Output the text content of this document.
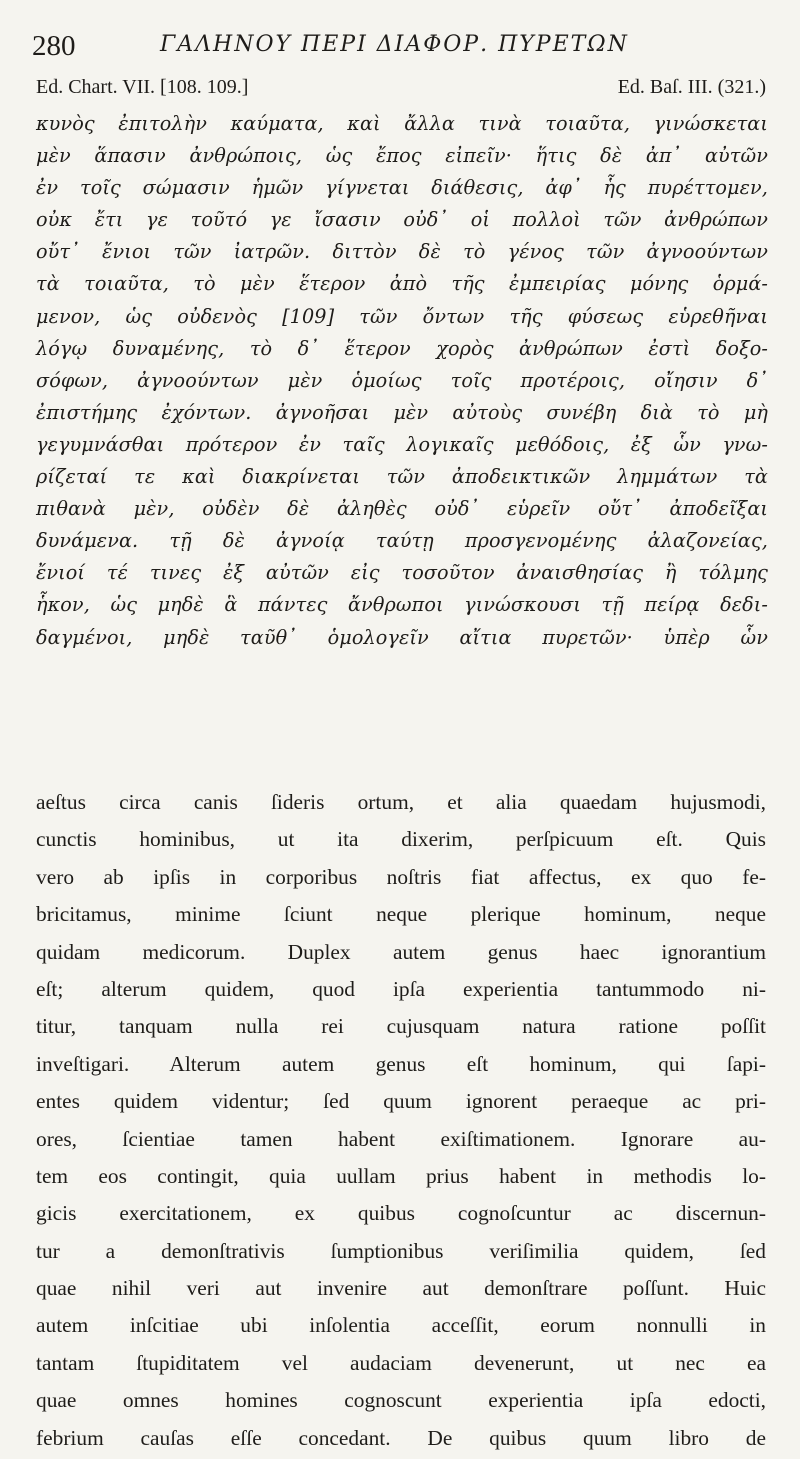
280	ΓΑΛΗΝΟΥ ΠΕΡΙ ΔΙΑΦΟΡ. ΠΥΡΕΤΩΝ
Ed. Chart. VII. [108. 109.]	Ed. Baſ. III. (321.)
κυνὸς ἐπιτολὴν καύματα, καὶ ἄλλα τινὰ τοιαῦτα, γινώσκεται
μὲν ἅπασιν ἀνθρώποις, ὡς ἔπος εἰπεῖν· ἥτις δὲ ἀπ᾿ αὐτῶν
ἐν τοῖς σώμασιν ἡμῶν γίγνεται διάθεσις, ἀφ᾿ ἧς πυρέττομεν,
οὐκ ἔτι γε τοῦτό γε ἴσασιν οὐδ᾿ οἱ πολλοὶ τῶν ἀνθρώπων
οὔτ᾿ ἔνιοι τῶν ἰατρῶν. διττὸν δὲ τὸ γένος τῶν ἀγνοούντων
τὰ τοιαῦτα, τὸ μὲν ἕτερον ἀπὸ τῆς ἐμπειρίας μόνης ὁρμά-
μενον, ὡς οὐδενὸς [109] τῶν ὄντων τῆς φύσεως εὑρεθῆναι
λόγῳ δυναμένης, τὸ δ᾿ ἕτερον χορὸς ἀνθρώπων ἐστὶ δοξο-
σόφων, ἀγνοούντων μὲν ὁμοίως τοῖς προτέροις, οἴησιν δ᾿
ἐπιστήμης ἐχόντων. ἀγνοῆσαι μὲν αὐτοὺς συνέβη διὰ τὸ μὴ
γεγυμνάσθαι πρότερον ἐν ταῖς λογικαῖς μεθόδοις, ἐξ ὧν γνω-
ρίζεταί τε καὶ διακρίνεται τῶν ἀποδεικτικῶν λημμάτων τὰ
πιθανὰ μὲν, οὐδὲν δὲ ἀληθὲς οὐδ᾿ εὑρεῖν οὔτ᾿ ἀποδεῖξαι
δυνάμενα. τῇ δὲ ἀγνοίᾳ ταύτῃ προσγενομένης ἀλαζονείας,
ἔνιοί τέ τινες ἐξ αὐτῶν εἰς τοσοῦτον ἀναισθησίας ἢ τόλμης
ἧκον, ὡς μηδὲ ἃ πάντες ἄνθρωποι γινώσκουσι τῇ πείρᾳ δεδι-
δαγμένοι, μηδὲ ταῦθ᾿ ὁμολογεῖν αἴτια πυρετῶν· ὑπὲρ ὧν
aeſtus circa canis ſideris ortum, et alia quaedam hujusmodi,
cunctis hominibus, ut ita dixerim, perſpicuum eſt. Quis
vero ab ipſis in corporibus noſtris fiat affectus, ex quo fe-
bricitamus, minime ſciunt neque plerique hominum, neque
quidam medicorum. Duplex autem genus haec ignorantium
eſt; alterum quidem, quod ipſa experientia tantummodo ni-
titur, tanquam nulla rei cujusquam natura ratione poſſit
inveſtigari. Alterum autem genus eſt hominum, qui ſapi-
entes quidem videntur; ſed quum ignorent peraeque ac pri-
ores, ſcientiae tamen habent exiſtimationem. Ignorare au-
tem eos contingit, quia uullam prius habent in methodis lo-
gicis exercitationem, ex quibus cognoſcuntur ac discernun-
tur a demonſtrativis ſumptionibus veriſimilia quidem, ſed
quae nihil veri aut invenire aut demonſtrare poſſunt. Huic
autem inſcitiae ubi inſolentia acceſſit, eorum nonnulli in
tantam ſtupiditatem vel audaciam devenerunt, ut nec ea
quae omnes homines cognoscunt experientia ipſa edocti,
febrium cauſas eſſe concedant. De quibus quum libro de
